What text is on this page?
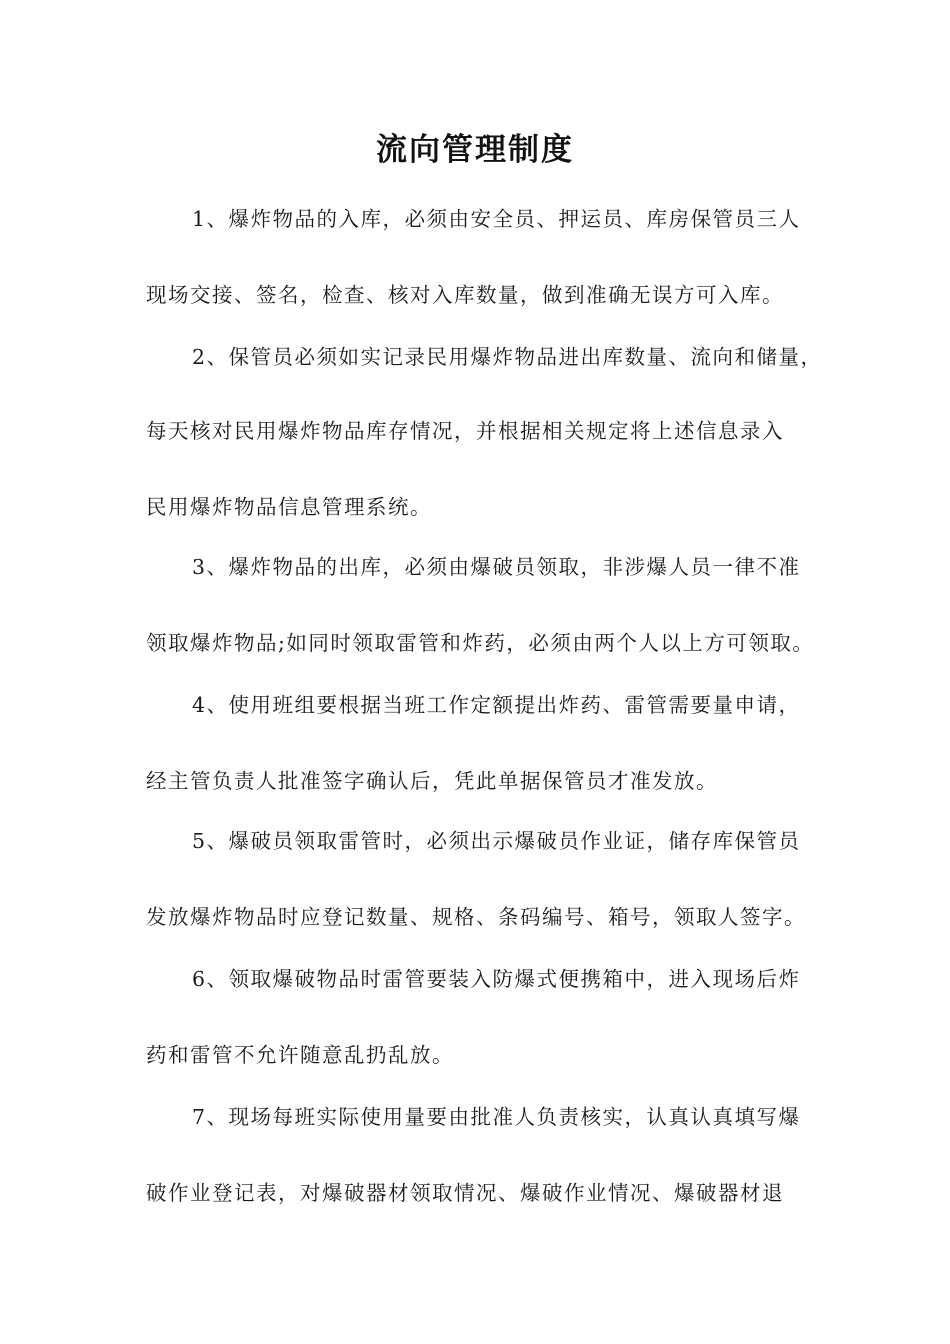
流向管理制度
1、爆炸物品的入库，必须由安全员、押运员、库房保管员三人
现场交接、签名，检查、核对入库数量，做到准确无误方可入库。
2、保管员必须如实记录民用爆炸物品进出库数量、流向和储量，
每天核对民用爆炸物品库存情况，并根据相关规定将上述信息录入
民用爆炸物品信息管理系统。
3、爆炸物品的出库，必须由爆破员领取，非涉爆人员一律不准
领取爆炸物品;如同时领取雷管和炸药，必须由两个人以上方可领取。
4、使用班组要根据当班工作定额提出炸药、雷管需要量申请，
经主管负责人批准签字确认后，凭此单据保管员才准发放。
5、爆破员领取雷管时，必须出示爆破员作业证，储存库保管员
发放爆炸物品时应登记数量、规格、条码编号、箱号，领取人签字。
6、领取爆破物品时雷管要装入防爆式便携箱中，进入现场后炸
药和雷管不允许随意乱扔乱放。
7、现场每班实际使用量要由批准人负责核实，认真认真填写爆
破作业登记表，对爆破器材领取情况、爆破作业情况、爆破器材退
